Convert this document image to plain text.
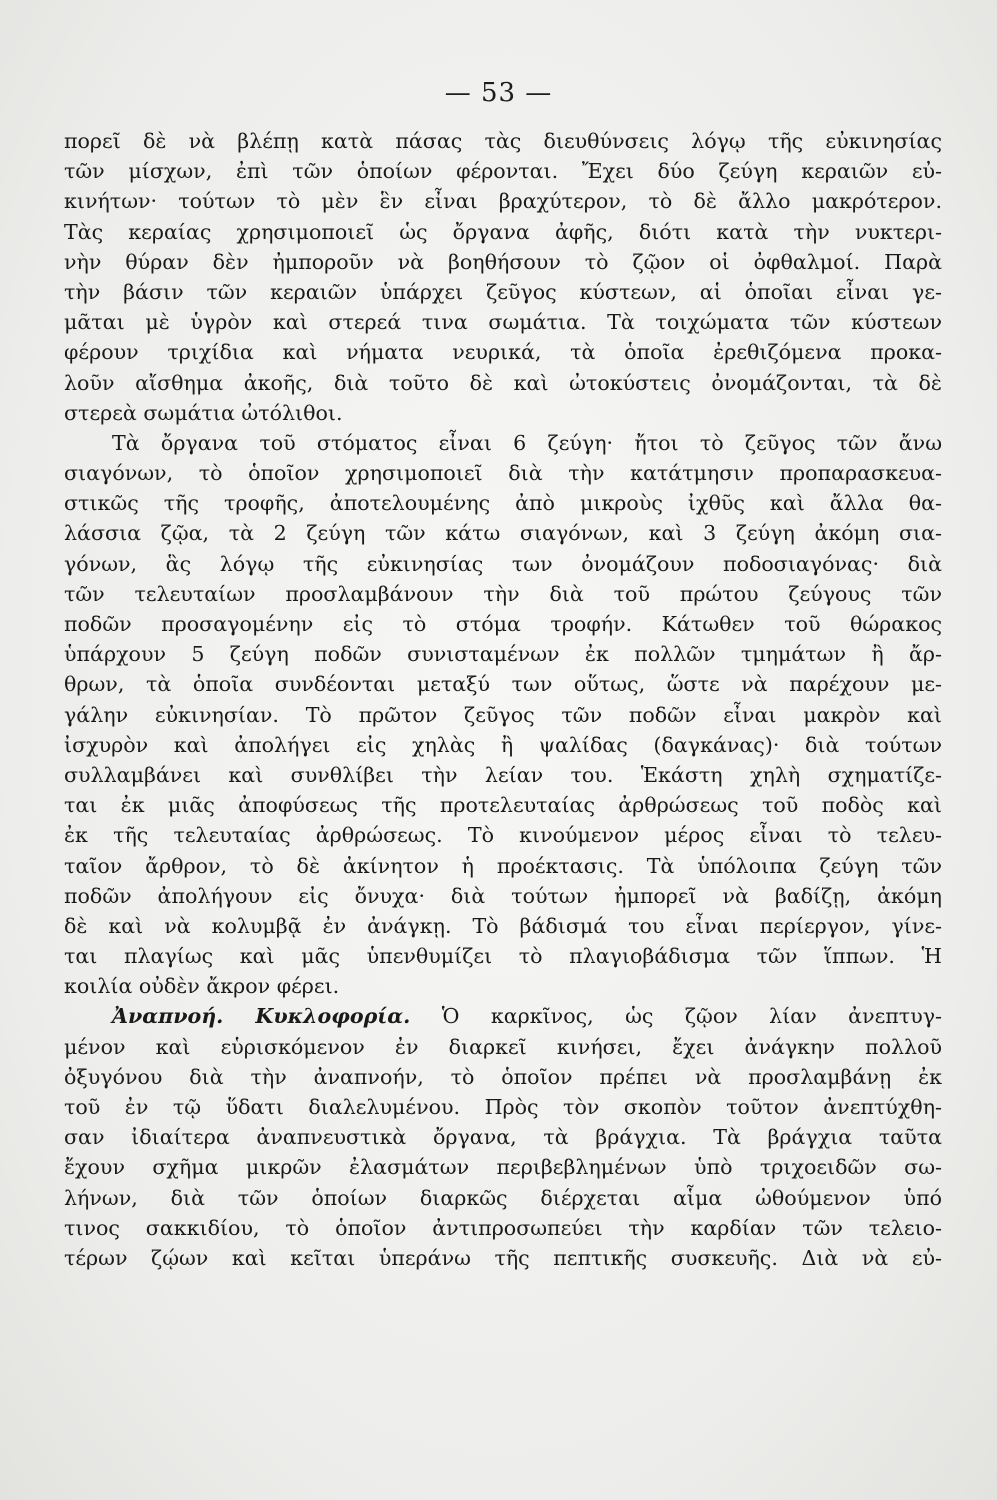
— 53 —
πορεῖ δὲ νὰ βλέπῃ κατὰ πάσας τὰς διευθύνσεις λόγῳ τῆς εὐκινησίας
τῶν μίσχων, ἐπὶ τῶν ὁποίων φέρονται. Ἔχει δύο ζεύγη κεραιῶν εὐ-
κινήτων· τούτων τὸ μὲν ἓν εἶναι βραχύτερον, τὸ δὲ ἄλλο μακρότερον.
Τὰς κεραίας χρησιμοποιεῖ ὡς ὄργανα ἀφῆς, διότι κατὰ τὴν νυκτερι-
νὴν θύραν δὲν ἠμποροῦν νὰ βοηθήσουν τὸ ζῷον οἱ ὀφθαλμοί. Παρὰ
τὴν βάσιν τῶν κεραιῶν ὑπάρχει ζεῦγος κύστεων, αἱ ὁποῖαι εἶναι γε-
μᾶται μὲ ὑγρὸν καὶ στερεά τινα σωμάτια. Τὰ τοιχώματα τῶν κύστεων
φέρουν τριχίδια καὶ νήματα νευρικά, τὰ ὁποῖα ἐρεθιζόμενα προκα-
λοῦν αἴσθημα ἀκοῆς, διὰ τοῦτο δὲ καὶ ὠτοκύστεις ὀνομάζονται, τὰ δὲ
στερεὰ σωμάτια ὠτόλιθοι.
Τὰ ὄργανα τοῦ στόματος εἶναι 6 ζεύγη· ἤτοι τὸ ζεῦγος τῶν ἄνω
σιαγόνων, τὸ ὁποῖον χρησιμοποιεῖ διὰ τὴν κατάτμησιν προπαρασκευα-
στικῶς τῆς τροφῆς, ἀποτελουμένης ἀπὸ μικροὺς ἰχθῦς καὶ ἄλλα θα-
λάσσια ζῷα, τὰ 2 ζεύγη τῶν κάτω σιαγόνων, καὶ 3 ζεύγη ἀκόμη σια-
γόνων, ἃς λόγῳ τῆς εὐκινησίας των ὀνομάζουν ποδοσιαγόνας· διὰ
τῶν τελευταίων προσλαμβάνουν τὴν διὰ τοῦ πρώτου ζεύγους τῶν
ποδῶν προσαγομένην εἰς τὸ στόμα τροφήν. Κάτωθεν τοῦ θώρακος
ὑπάρχουν 5 ζεύγη ποδῶν συνισταμένων ἐκ πολλῶν τμημάτων ἢ ἄρ-
θρων, τὰ ὁποῖα συνδέονται μεταξύ των οὕτως, ὥστε νὰ παρέχουν με-
γάλην εὐκινησίαν. Τὸ πρῶτον ζεῦγος τῶν ποδῶν εἶναι μακρὸν καὶ
ἰσχυρὸν καὶ ἀπολήγει εἰς χηλὰς ἢ ψαλίδας (δαγκάνας)· διὰ τούτων
συλλαμβάνει καὶ συνθλίβει τὴν λείαν του. Ἑκάστη χηλὴ σχηματίζε-
ται ἐκ μιᾶς ἀποφύσεως τῆς προτελευταίας ἀρθρώσεως τοῦ ποδὸς καὶ
ἐκ τῆς τελευταίας ἀρθρώσεως. Τὸ κινούμενον μέρος εἶναι τὸ τελευ-
ταῖον ἄρθρον, τὸ δὲ ἀκίνητον ἡ προέκτασις. Τὰ ὑπόλοιπα ζεύγη τῶν
ποδῶν ἀπολήγουν εἰς ὄνυχα· διὰ τούτων ἠμπορεῖ νὰ βαδίζῃ, ἀκόμη
δὲ καὶ νὰ κολυμβᾷ ἐν ἀνάγκῃ. Τὸ βάδισμά του εἶναι περίεργον, γίνε-
ται πλαγίως καὶ μᾶς ὑπενθυμίζει τὸ πλαγιοβάδισμα τῶν ἵππων. Ἡ
κοιλία οὐδὲν ἄκρον φέρει.
Ἀναπνοή. Κυκλοφορία. Ὁ καρκῖνος, ὡς ζῷον λίαν ἀνεπτυγ-
μένον καὶ εὑρισκόμενον ἐν διαρκεῖ κινήσει, ἔχει ἀνάγκην πολλοῦ
ὀξυγόνου διὰ τὴν ἀναπνοήν, τὸ ὁποῖον πρέπει νὰ προσλαμβάνῃ ἐκ
τοῦ ἐν τῷ ὕδατι διαλελυμένου. Πρὸς τὸν σκοπὸν τοῦτον ἀνεπτύχθη-
σαν ἰδιαίτερα ἀναπνευστικὰ ὄργανα, τὰ βράγχια. Τὰ βράγχια ταῦτα
ἔχουν σχῆμα μικρῶν ἐλασμάτων περιβεβλημένων ὑπὸ τριχοειδῶν σω-
λήνων, διὰ τῶν ὁποίων διαρκῶς διέρχεται αἷμα ὠθούμενον ὑπό
τινος σακκιδίου, τὸ ὁποῖον ἀντιπροσωπεύει τὴν καρδίαν τῶν τελειο-
τέρων ζῴων καὶ κεῖται ὑπεράνω τῆς πεπτικῆς συσκευῆς. Διὰ νὰ εὐ-
